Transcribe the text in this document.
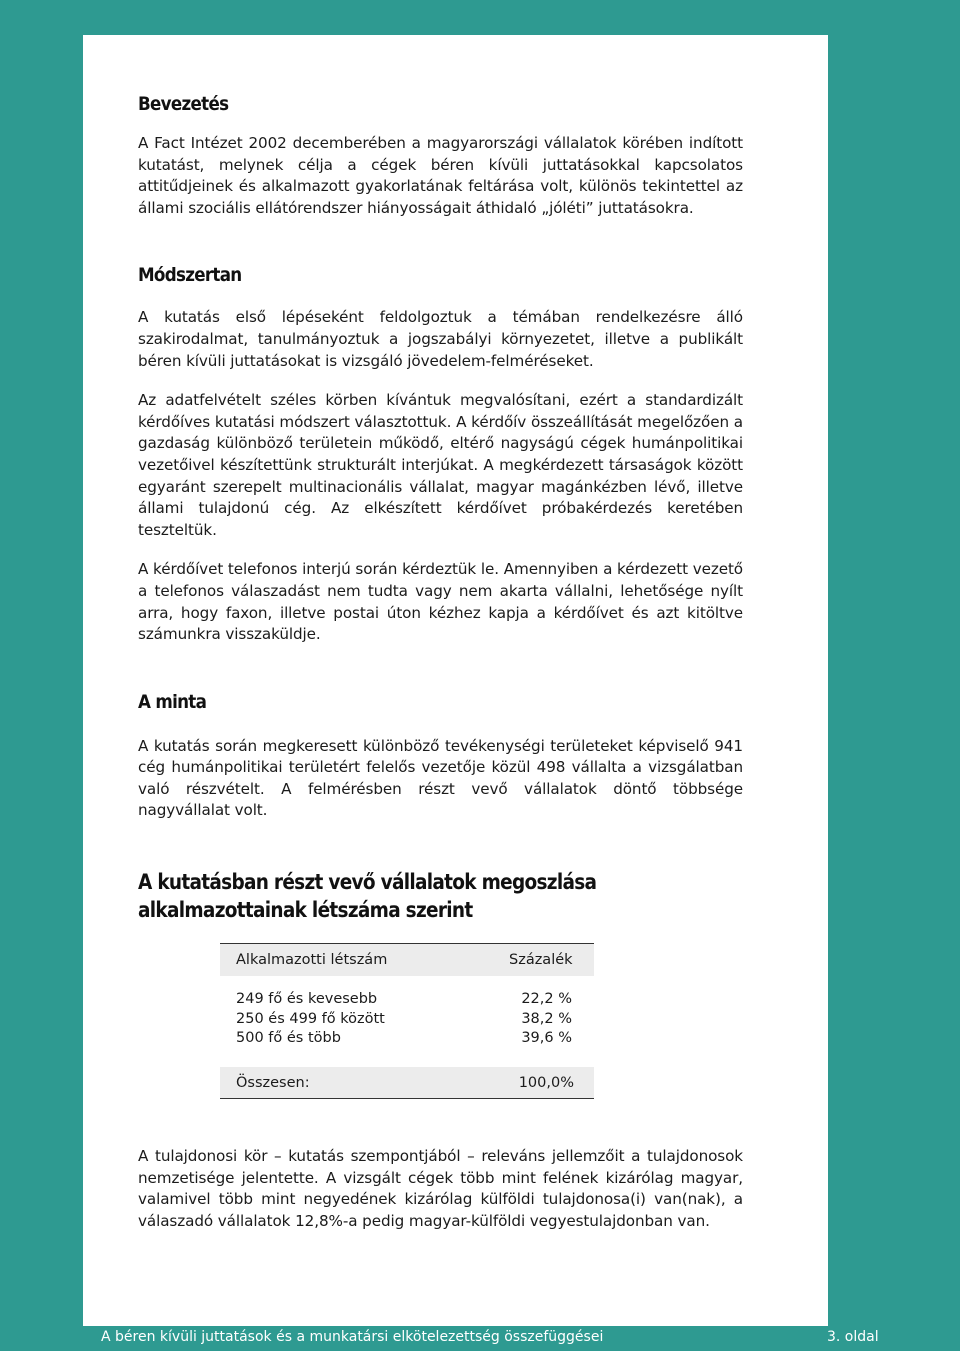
Bevezetés

A Fact Intézet 2002 decemberében a magyarországi vállalatok körében indított kutatást, melynek célja a cégek béren kívüli juttatásokkal kapcsolatos attitűdjeinek és alkalmazott gyakorlatának feltárása volt, különös tekintettel az állami szociális ellátórendszer hiányosságait áthidaló „jóléti” juttatásokra.

Módszertan

A kutatás első lépéseként feldolgoztuk a témában rendelkezésre álló szakirodalmat, tanulmányoztuk a jogszabályi környezetet, illetve a publikált béren kívüli juttatásokat is vizsgáló jövedelem-felméréseket.

Az adatfelvételt széles körben kívántuk megvalósítani, ezért a standardizált kérdőíves kutatási módszert választottuk. A kérdőív összeállítását megelőzően a gazdaság különböző területein működő, eltérő nagyságú cégek humánpolitikai vezetőivel készítettünk strukturált interjúkat. A megkérdezett társaságok között egyaránt szerepelt multinacionális vállalat, magyar magánkézben lévő, illetve állami tulajdonú cég. Az elkészített kérdőívet próbakérdezés keretében teszteltük.

A kérdőívet telefonos interjú során kérdeztük le. Amennyiben a kérdezett vezető a telefonos válaszadást nem tudta vagy nem akarta vállalni, lehetősége nyílt arra, hogy faxon, illetve postai úton kézhez kapja a kérdőívet és azt kitöltve számunkra visszaküldje.

A minta

A kutatás során megkeresett különböző tevékenységi területeket képviselő 941 cég humánpolitikai területért felelős vezetője közül 498 vállalta a vizsgálatban való részvételt. A felmérésben részt vevő vállalatok döntő többsége nagyvállalat volt.

A kutatásban részt vevő vállalatok megoszlása alkalmazottainak létszáma szerint
Alkalmazotti létszám	Százalék
249 fő és kevesebb	22,2 %
250 és 499 fő között	38,2 %
500 fő és több	39,6 %
Összesen:	100,0%

A tulajdonosi kör – kutatás szempontjából – releváns jellemzőit a tulajdonosok nemzetisége jelentette. A vizsgált cégek több mint felének kizárólag magyar, valamivel több mint negyedének kizárólag külföldi tulajdonosa(i) van(nak), a válaszadó vállalatok 12,8%-a pedig magyar-külföldi vegyestulajdonban van.

A béren kívüli juttatások és a munkatársi elkötelezettség összefüggései	3. oldal
